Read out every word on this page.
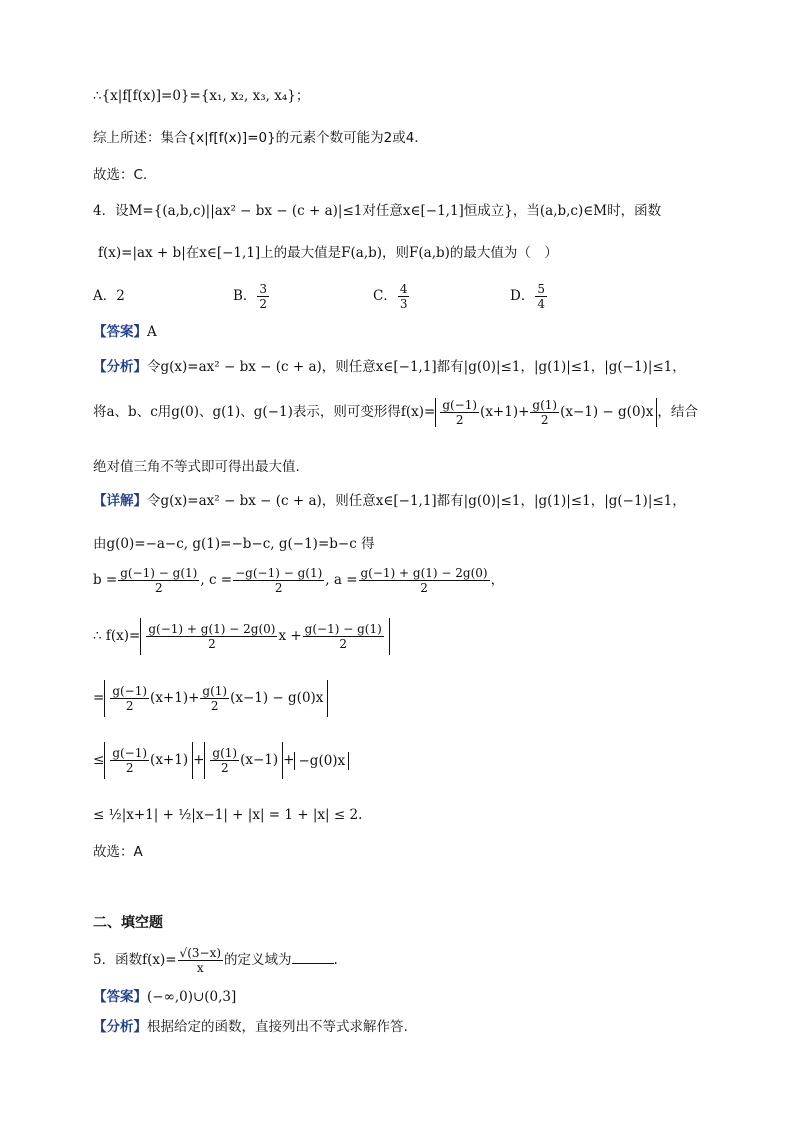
∴{x|f[f(x)]=0}={x₁, x₂, x₃, x₄}；
综上所述：集合{x|f[f(x)]=0}的元素个数可能为2或4．
故选：C.
4．设M={(a,b,c)||ax² − bx − (c + a)|≤1对任意x∈[−1,1]恒成立}，当(a,b,c)∈M时，函数
f(x)=|ax + b|在x∈[−1,1]上的最大值是F(a,b)，则F(a,b)的最大值为（　）
A．2	B． $\frac{3}{2}$	C． $\frac{4}{3}$	D． $\frac{5}{4}$
【答案】A
【分析】令g(x)=ax² − bx − (c + a)，则任意x∈[−1,1]都有|g(0)|≤1，|g(1)|≤1，|g(−1)|≤1，
将a、b、c用g(0)、g(1)、g(−1)表示，则可变形得$f(x)= \frac{g(-1)}{2} (x+1)+ \frac{g(1)}{2} (x-1) - g(0)x$ ，结合
绝对值三角不等式即可得出最大值.
【详解】令g(x)=ax² − bx − (c + a)，则任意x∈[−1,1]都有|g(0)|≤1，|g(1)|≤1，|g(−1)|≤1，
由g(0)=−a−c, g(1)=−b−c, g(−1)=b−c 得
$b = \frac{g(-1) - g(1)}{2}$ , $c = \frac{-g(-1) - g(1)}{2}$ , $a = \frac{g(-1) + g(1) - 2g(0)}{2}$ ，
∴ $f(x)= \frac{g(-1) + g(1) - 2g(0)}{2}$ $x + \frac{g(-1) - g(1)}{2}$
= $\frac{g(-1)}{2} (x+1)+ \frac{g(1)}{2} (x-1) - g(0)x$
≤ $\frac{g(-1)}{2} (x+1) + \frac{g(1)}{2} (x-1) + -g(0)x$
≤ ½|x+1| + ½|x−1| + |x| = 1 + |x| ≤ 2.
故选：A
二、填空题
5．函数$f(x)= \frac{√(3-x)}{x}$ 的定义域为	.
【答案】(−∞,0)∪(0,3]
【分析】根据给定的函数，直接列出不等式求解作答.
